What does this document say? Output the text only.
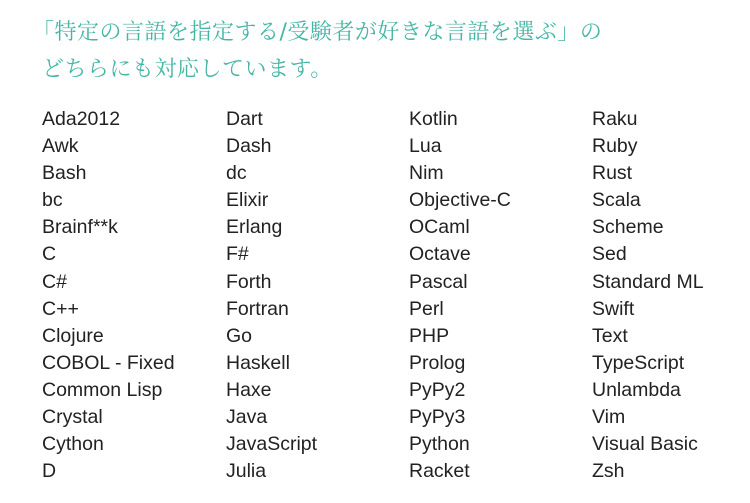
「特定の言語を指定する/受験者が好きな言語を選ぶ」の
どちらにも対応しています。
Ada2012
Awk
Bash
bc
Brainf**k
C
C#
C++
Clojure
COBOL - Fixed
Common Lisp
Crystal
Cython
D
Dart
Dash
dc
Elixir
Erlang
F#
Forth
Fortran
Go
Haskell
Haxe
Java
JavaScript
Julia
Kotlin
Lua
Nim
Objective-C
OCaml
Octave
Pascal
Perl
PHP
Prolog
PyPy2
PyPy3
Python
Racket
Raku
Ruby
Rust
Scala
Scheme
Sed
Standard ML
Swift
Text
TypeScript
Unlambda
Vim
Visual Basic
Zsh
